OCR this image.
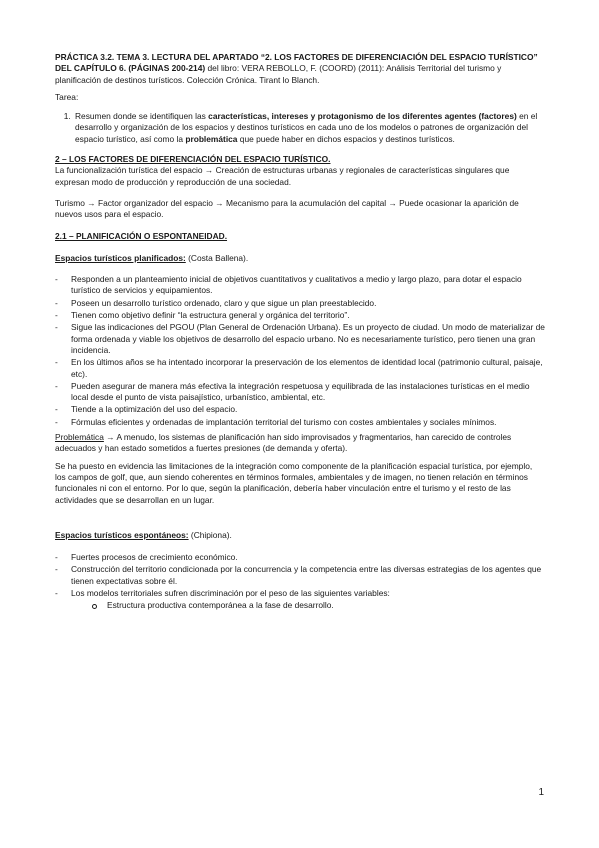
PRÁCTICA 3.2. TEMA 3. LECTURA DEL APARTADO “2. LOS FACTORES DE DIFERENCIACIÓN DEL ESPACIO TURÍSTICO” DEL CAPÍTULO 6. (PÁGINAS 200-214) del libro: VERA REBOLLO, F. (COORD) (2011): Análisis Territorial del turismo y planificación de destinos turísticos. Colección Crónica. Tirant lo Blanch.

Tarea:

1. Resumen donde se identifiquen las características, intereses y protagonismo de los diferentes agentes (factores) en el desarrollo y organización de los espacios y destinos turísticos en cada uno de los modelos o patrones de organización del espacio turístico, así como la problemática que puede haber en dichos espacios y destinos turísticos.

2 – LOS FACTORES DE DIFERENCIACIÓN DEL ESPACIO TURÍSTICO.

La funcionalización turística del espacio → Creación de estructuras urbanas y regionales de características singulares que expresan modo de producción y reproducción de una sociedad.

Turismo → Factor organizador del espacio → Mecanismo para la acumulación del capital → Puede ocasionar la aparición de nuevos usos para el espacio.

2.1 – PLANIFICACIÓN O ESPONTANEIDAD.

Espacios turísticos planificados: (Costa Ballena).

- Responden a un planteamiento inicial de objetivos cuantitativos y cualitativos a medio y largo plazo, para dotar el espacio turístico de servicios y equipamientos.
- Poseen un desarrollo turístico ordenado, claro y que sigue un plan preestablecido.
- Tienen como objetivo definir “la estructura general y orgánica del territorio”.
- Sigue las indicaciones del PGOU (Plan General de Ordenación Urbana). Es un proyecto de ciudad. Un modo de materializar de forma ordenada y viable los objetivos de desarrollo del espacio urbano. No es necesariamente turístico, pero tienen una gran incidencia.
- En los últimos años se ha intentado incorporar la preservación de los elementos de identidad local (patrimonio cultural, paisaje, etc).
- Pueden asegurar de manera más efectiva la integración respetuosa y equilibrada de las instalaciones turísticas en el medio local desde el punto de vista paisajístico, urbanístico, ambiental, etc.
- Tiende a la optimización del uso del espacio.
- Fórmulas eficientes y ordenadas de implantación territorial del turismo con costes ambientales y sociales mínimos.

Problemática → A menudo, los sistemas de planificación han sido improvisados y fragmentarios, han carecido de controles adecuados y han estado sometidos a fuertes presiones (de demanda y oferta).

Se ha puesto en evidencia las limitaciones de la integración como componente de la planificación espacial turística, por ejemplo, los campos de golf, que, aun siendo coherentes en términos formales, ambientales y de imagen, no tienen relación en términos funcionales ni con el entorno. Por lo que, según la planificación, debería haber vinculación entre el turismo y el resto de las actividades que se desarrollan en un lugar.

Espacios turísticos espontáneos: (Chipiona).

- Fuertes procesos de crecimiento económico.
- Construcción del territorio condicionada por la concurrencia y la competencia entre las diversas estrategias de los agentes que tienen expectativas sobre él.
- Los modelos territoriales sufren discriminación por el peso de las siguientes variables:
Estructura productiva contemporánea a la fase de desarrollo.
1
